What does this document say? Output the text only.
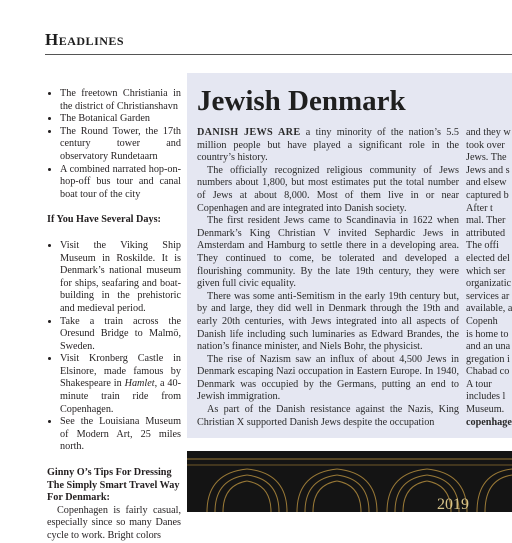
Headlines
• The freetown Christiania in the district of Christianshavn
• The Botanical Garden
• The Round Tower, the 17th century tower and observatory Rundetaarn
• A combined narrated hop-on-hop-off bus tour and canal boat tour of the city
If You Have Several Days:
• Visit the Viking Ship Museum in Roskilde. It is Denmark’s national museum for ships, seafaring and boat-building in the prehistoric and medieval period.
• Take a train across the Oresund Bridge to Malmö, Sweden.
• Visit Kronberg Castle in Elsinore, made famous by Shakespeare in Hamlet, a 40-minute train ride from Copenhagen.
• See the Louisiana Museum of Modern Art, 25 miles north.
Ginny O’s Tips For Dressing The Simply Smart Travel Way For Denmark:

Copenhagen is fairly casual, especially since so many Danes cycle to work. Bright colors

Jewish Denmark

DANISH JEWS ARE a tiny minority of the nation’s 5.5 million people but have played a significant role in the country’s history.

The officially recognized religious community of Jews numbers about 1,800, but most estimates put the total number of Jews at about 8,000. Most of them live in or near Copenhagen and are integrated into Danish society.

The first resident Jews came to Scandinavia in 1622 when Denmark’s King Christian V invited Sephardic Jews in Amsterdam and Hamburg to settle there in a developing area. They continued to come, be tolerated and developed a flourishing community. By the late 19th century, they were given full civic equality.

There was some anti-Semitism in the early 19th century but, by and large, they did well in Denmark through the 19th and early 20th centuries, with Jews integrated into all aspects of Danish life including such luminaries as Edward Brandes, the nation’s finance minister, and Niels Bohr, the physicist.

The rise of Nazism saw an influx of about 4,500 Jews in Denmark escaping Nazi occupation in Eastern Europe. In 1940, Denmark was occupied by the Germans, putting an end to Jewish immigration.

As part of the Danish resistance against the Nazis, King Christian X supported Danish Jews despite the occupation

and they w
took over
Jews. The
Jews and s
and elsew
captured b
After t
mal. Ther
attributed
The offi
elected del
which ser
organizatic
services ar
available, a
Copenh
is home to
and an una
gregation i
Chabad co
A tour
includes l
Museum.
copenhage
2019
